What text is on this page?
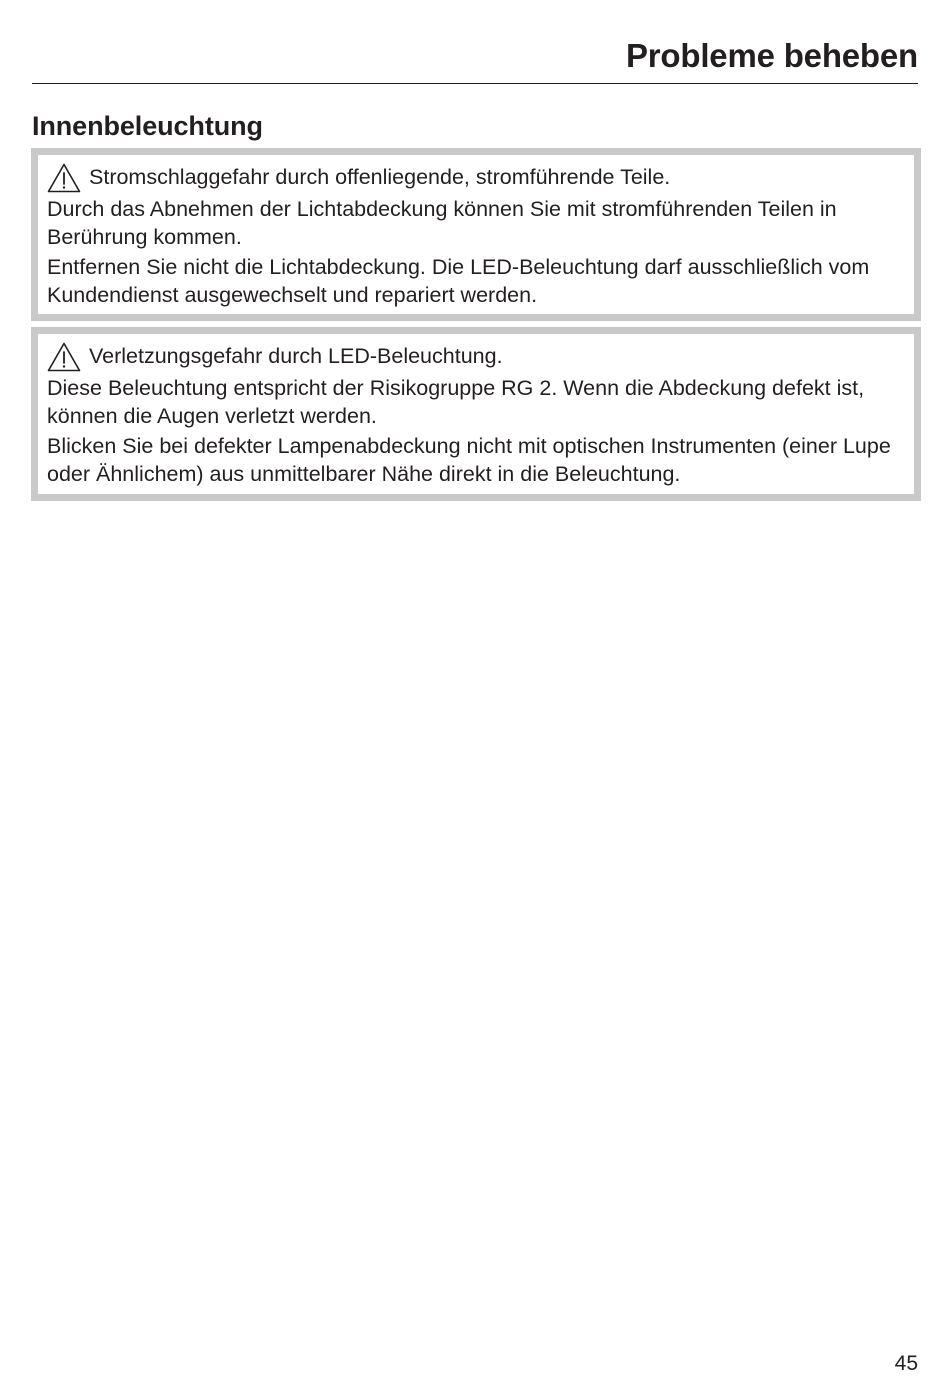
Probleme beheben
Innenbeleuchtung
Stromschlaggefahr durch offenliegende, stromführende Teile.

Durch das Abnehmen der Lichtabdeckung können Sie mit stromführenden Teilen in Berührung kommen.

Entfernen Sie nicht die Lichtabdeckung. Die LED-Beleuchtung darf ausschließlich vom Kundendienst ausgewechselt und repariert werden.

Verletzungsgefahr durch LED-Beleuchtung.

Diese Beleuchtung entspricht der Risikogruppe RG 2. Wenn die Abdeckung defekt ist, können die Augen verletzt werden.

Blicken Sie bei defekter Lampenabdeckung nicht mit optischen Instrumenten (einer Lupe oder Ähnlichem) aus unmittelbarer Nähe direkt in die Beleuchtung.

45
